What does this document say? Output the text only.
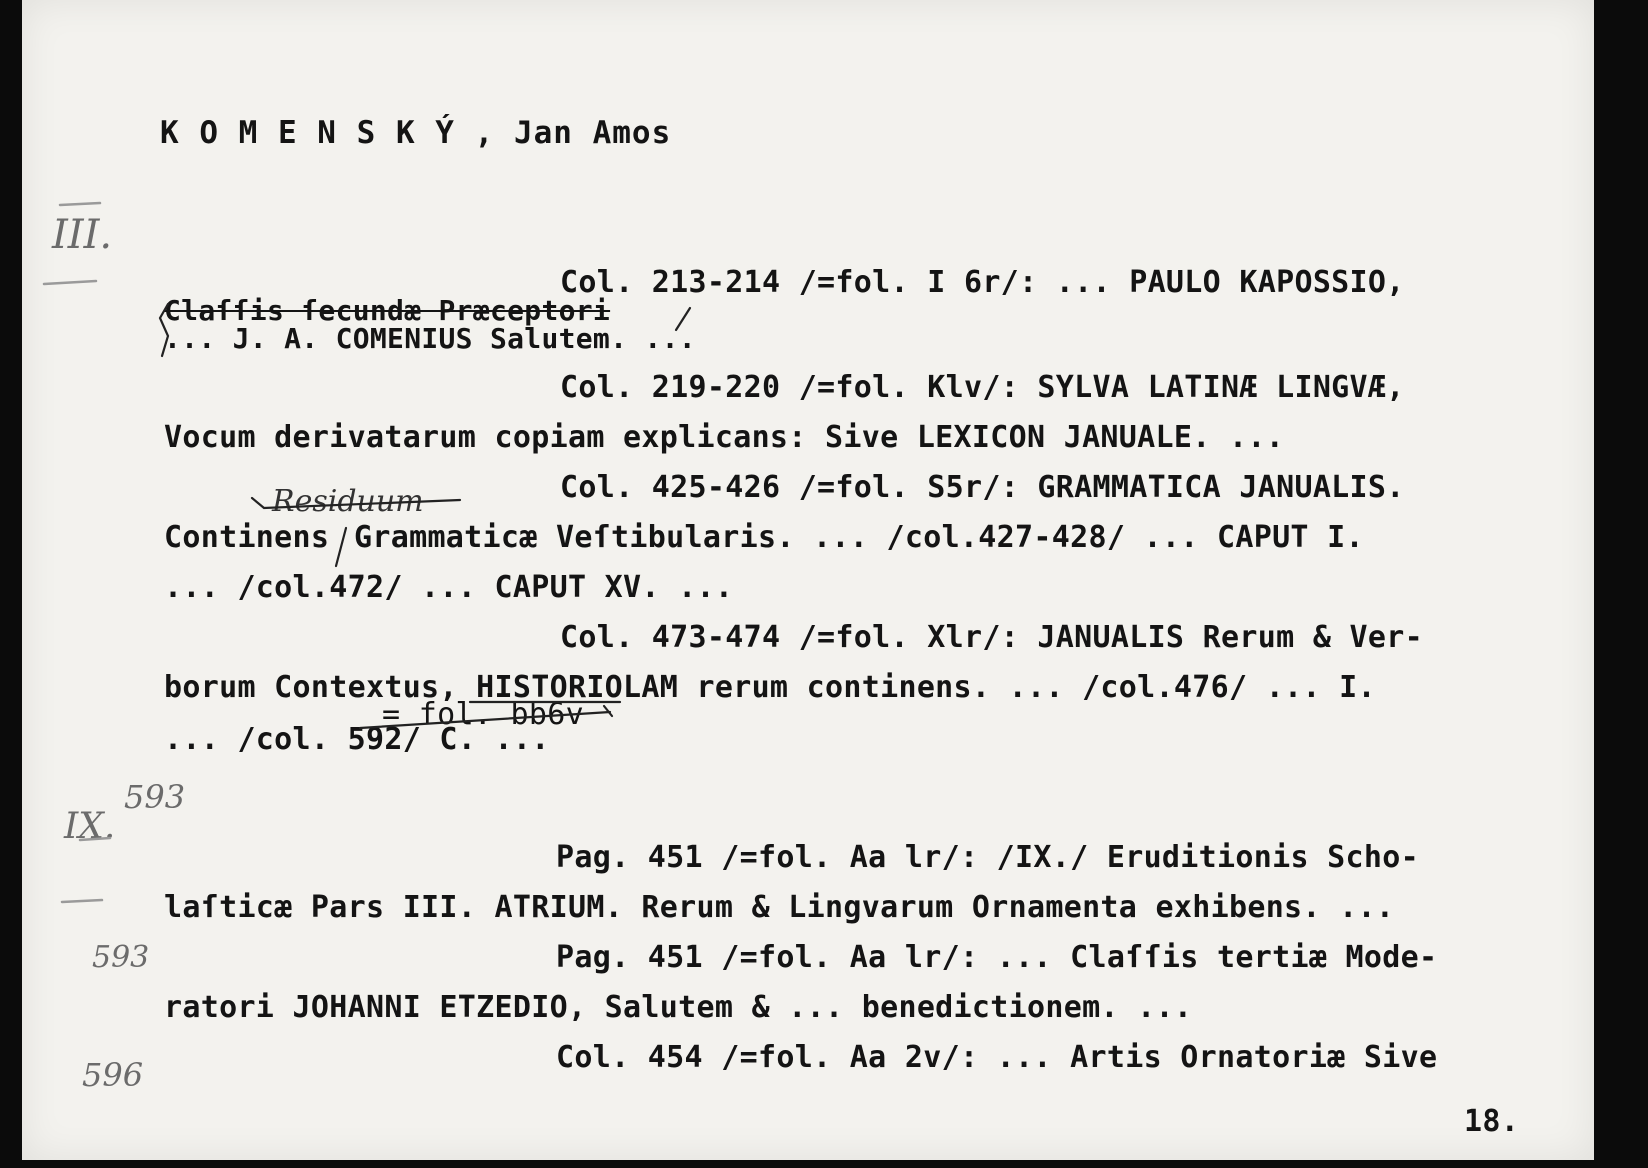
K O M E N S K Ý , Jan Amos
III.
IX.
593
593
596
Col. 213-214 /=fol. I 6r/: ... PAULO KAPOSSIO,
Claſſis ſecundæ Præceptori
... J. A. COMENIUS Salutem. ...
Col. 219-220 /=fol. Klv/: SYLVA LATINÆ LINGVÆ,
Vocum derivatarum copiam explicans: Sive LEXICON JANUALE. ...
Residuum	Col. 425-426 /=fol. S5r/: GRAMMATICA JANUALIS.
Continens Grammaticæ Veſtibularis. ... /col.427-428/ ... CAPUT I.
... /col.472/ ... CAPUT XV. ...
Col. 473-474 /=fol. Xlr/: JANUALIS Rerum & Ver-
borum Contextus, HISTORIOLAM rerum continens. ... /col.476/ ... I.
= fol. bb6v
... /col. 592/ C. ...
Pag. 451 /=fol. Aa lr/: /IX./ Eruditionis Scho-
laſticæ Pars III. ATRIUM. Rerum & Lingvarum Ornamenta exhibens. ...
Pag. 451 /=fol. Aa lr/: ... Claſſis tertiæ Mode-
ratori JOHANNI ETZEDIO, Salutem & ... benedictionem. ...
Col. 454 /=fol. Aa 2v/: ... Artis Ornatoriæ Sive
18.
